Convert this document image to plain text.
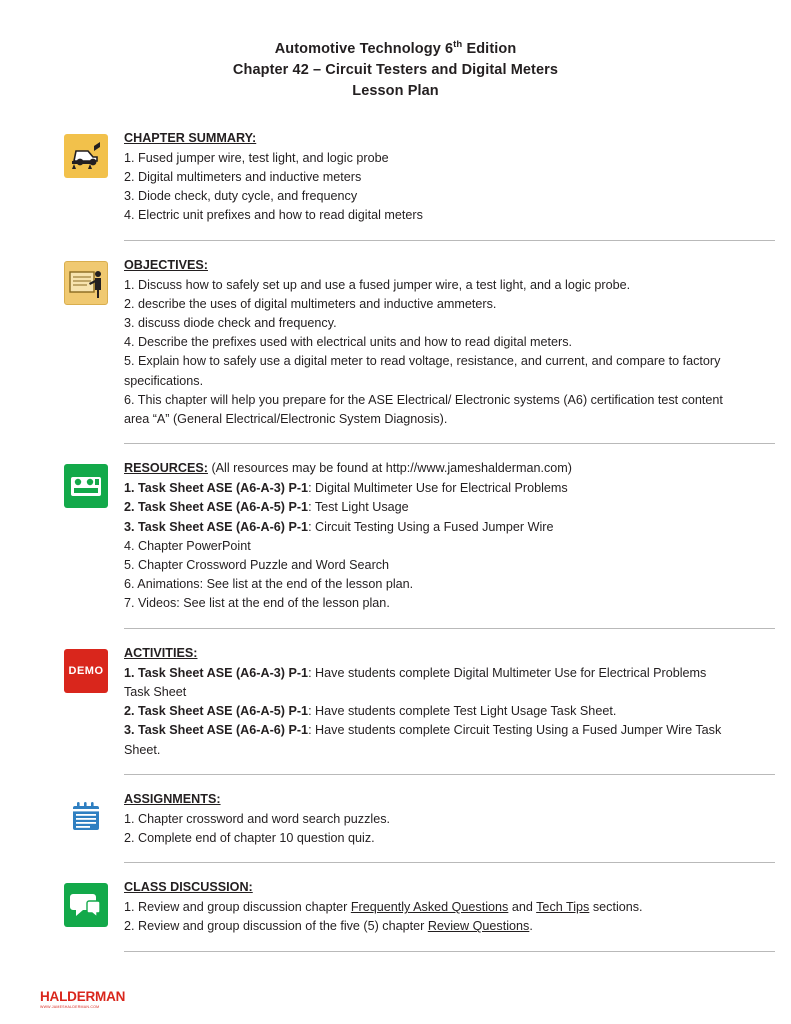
Automotive Technology 6th Edition
Chapter 42 – Circuit Testers and Digital Meters
Lesson Plan
CHAPTER SUMMARY:

1. Fused jumper wire, test light, and logic probe

2. Digital multimeters and inductive meters

3. Diode check, duty cycle, and frequency

4. Electric unit prefixes and how to read digital meters

OBJECTIVES:

1. Discuss how to safely set up and use a fused jumper wire, a test light, and a logic probe.

2. describe the uses of digital multimeters and inductive ammeters.

3. discuss diode check and frequency.

4. Describe the prefixes used with electrical units and how to read digital meters.

5. Explain how to safely use a digital meter to read voltage, resistance, and current, and compare to factory specifications.

6. This chapter will help you prepare for the ASE Electrical/ Electronic systems (A6) certification test content area “A” (General Electrical/Electronic System Diagnosis).

RESOURCES: (All resources may be found at http://www.jameshalderman.com)

1. Task Sheet ASE (A6-A-3) P-1: Digital Multimeter Use for Electrical Problems

2. Task Sheet ASE (A6-A-5) P-1: Test Light Usage

3. Task Sheet ASE (A6-A-6) P-1: Circuit Testing Using a Fused Jumper Wire

4. Chapter PowerPoint

5. Chapter Crossword Puzzle and Word Search

6. Animations: See list at the end of the lesson plan.

7. Videos: See list at the end of the lesson plan.

DEMO
ACTIVITIES:

1. Task Sheet ASE (A6-A-3) P-1: Have students complete Digital Multimeter Use for Electrical Problems Task Sheet

2. Task Sheet ASE (A6-A-5) P-1: Have students complete Test Light Usage Task Sheet.

3. Task Sheet ASE (A6-A-6) P-1: Have students complete Circuit Testing Using a Fused Jumper Wire Task Sheet.

ASSIGNMENTS:

1. Chapter crossword and word search puzzles.

2. Complete end of chapter 10 question quiz.

CLASS DISCUSSION:

1. Review and group discussion chapter Frequently Asked Questions and Tech Tips sections.

2. Review and group discussion of the five (5) chapter Review Questions.

HALDERMAN
WWW.JAMESHALDERMAN.COM
